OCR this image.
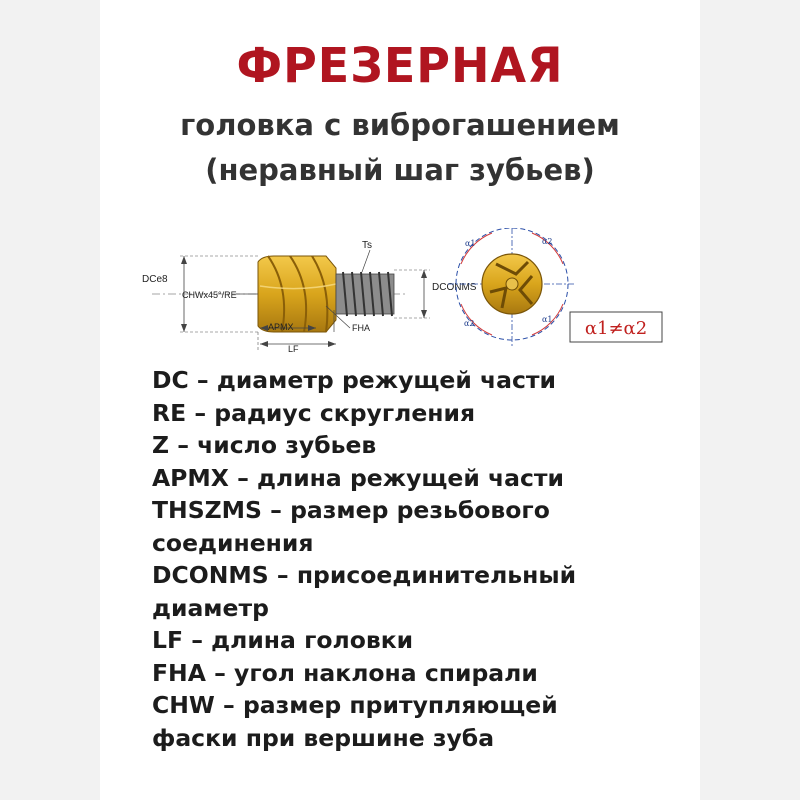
ФРЕЗЕРНАЯ

головка с виброгашением

(неравный шаг зубьев)

DCe8
Ts
DCONMS
CHWx45°/RE
APMX
LF
FHA
α1	α2
α2	α1 α1≠α2
DC – диаметр режущей части
RE – радиус скругления
Z – число зубьев
APMX – длина режущей части
THSZMS – размер резьбового
соединения
DCONMS – присоединительный
диаметр
LF – длина головки
FHA – угол наклона спирали
CHW – размер притупляющей
фаски при вершине зуба
